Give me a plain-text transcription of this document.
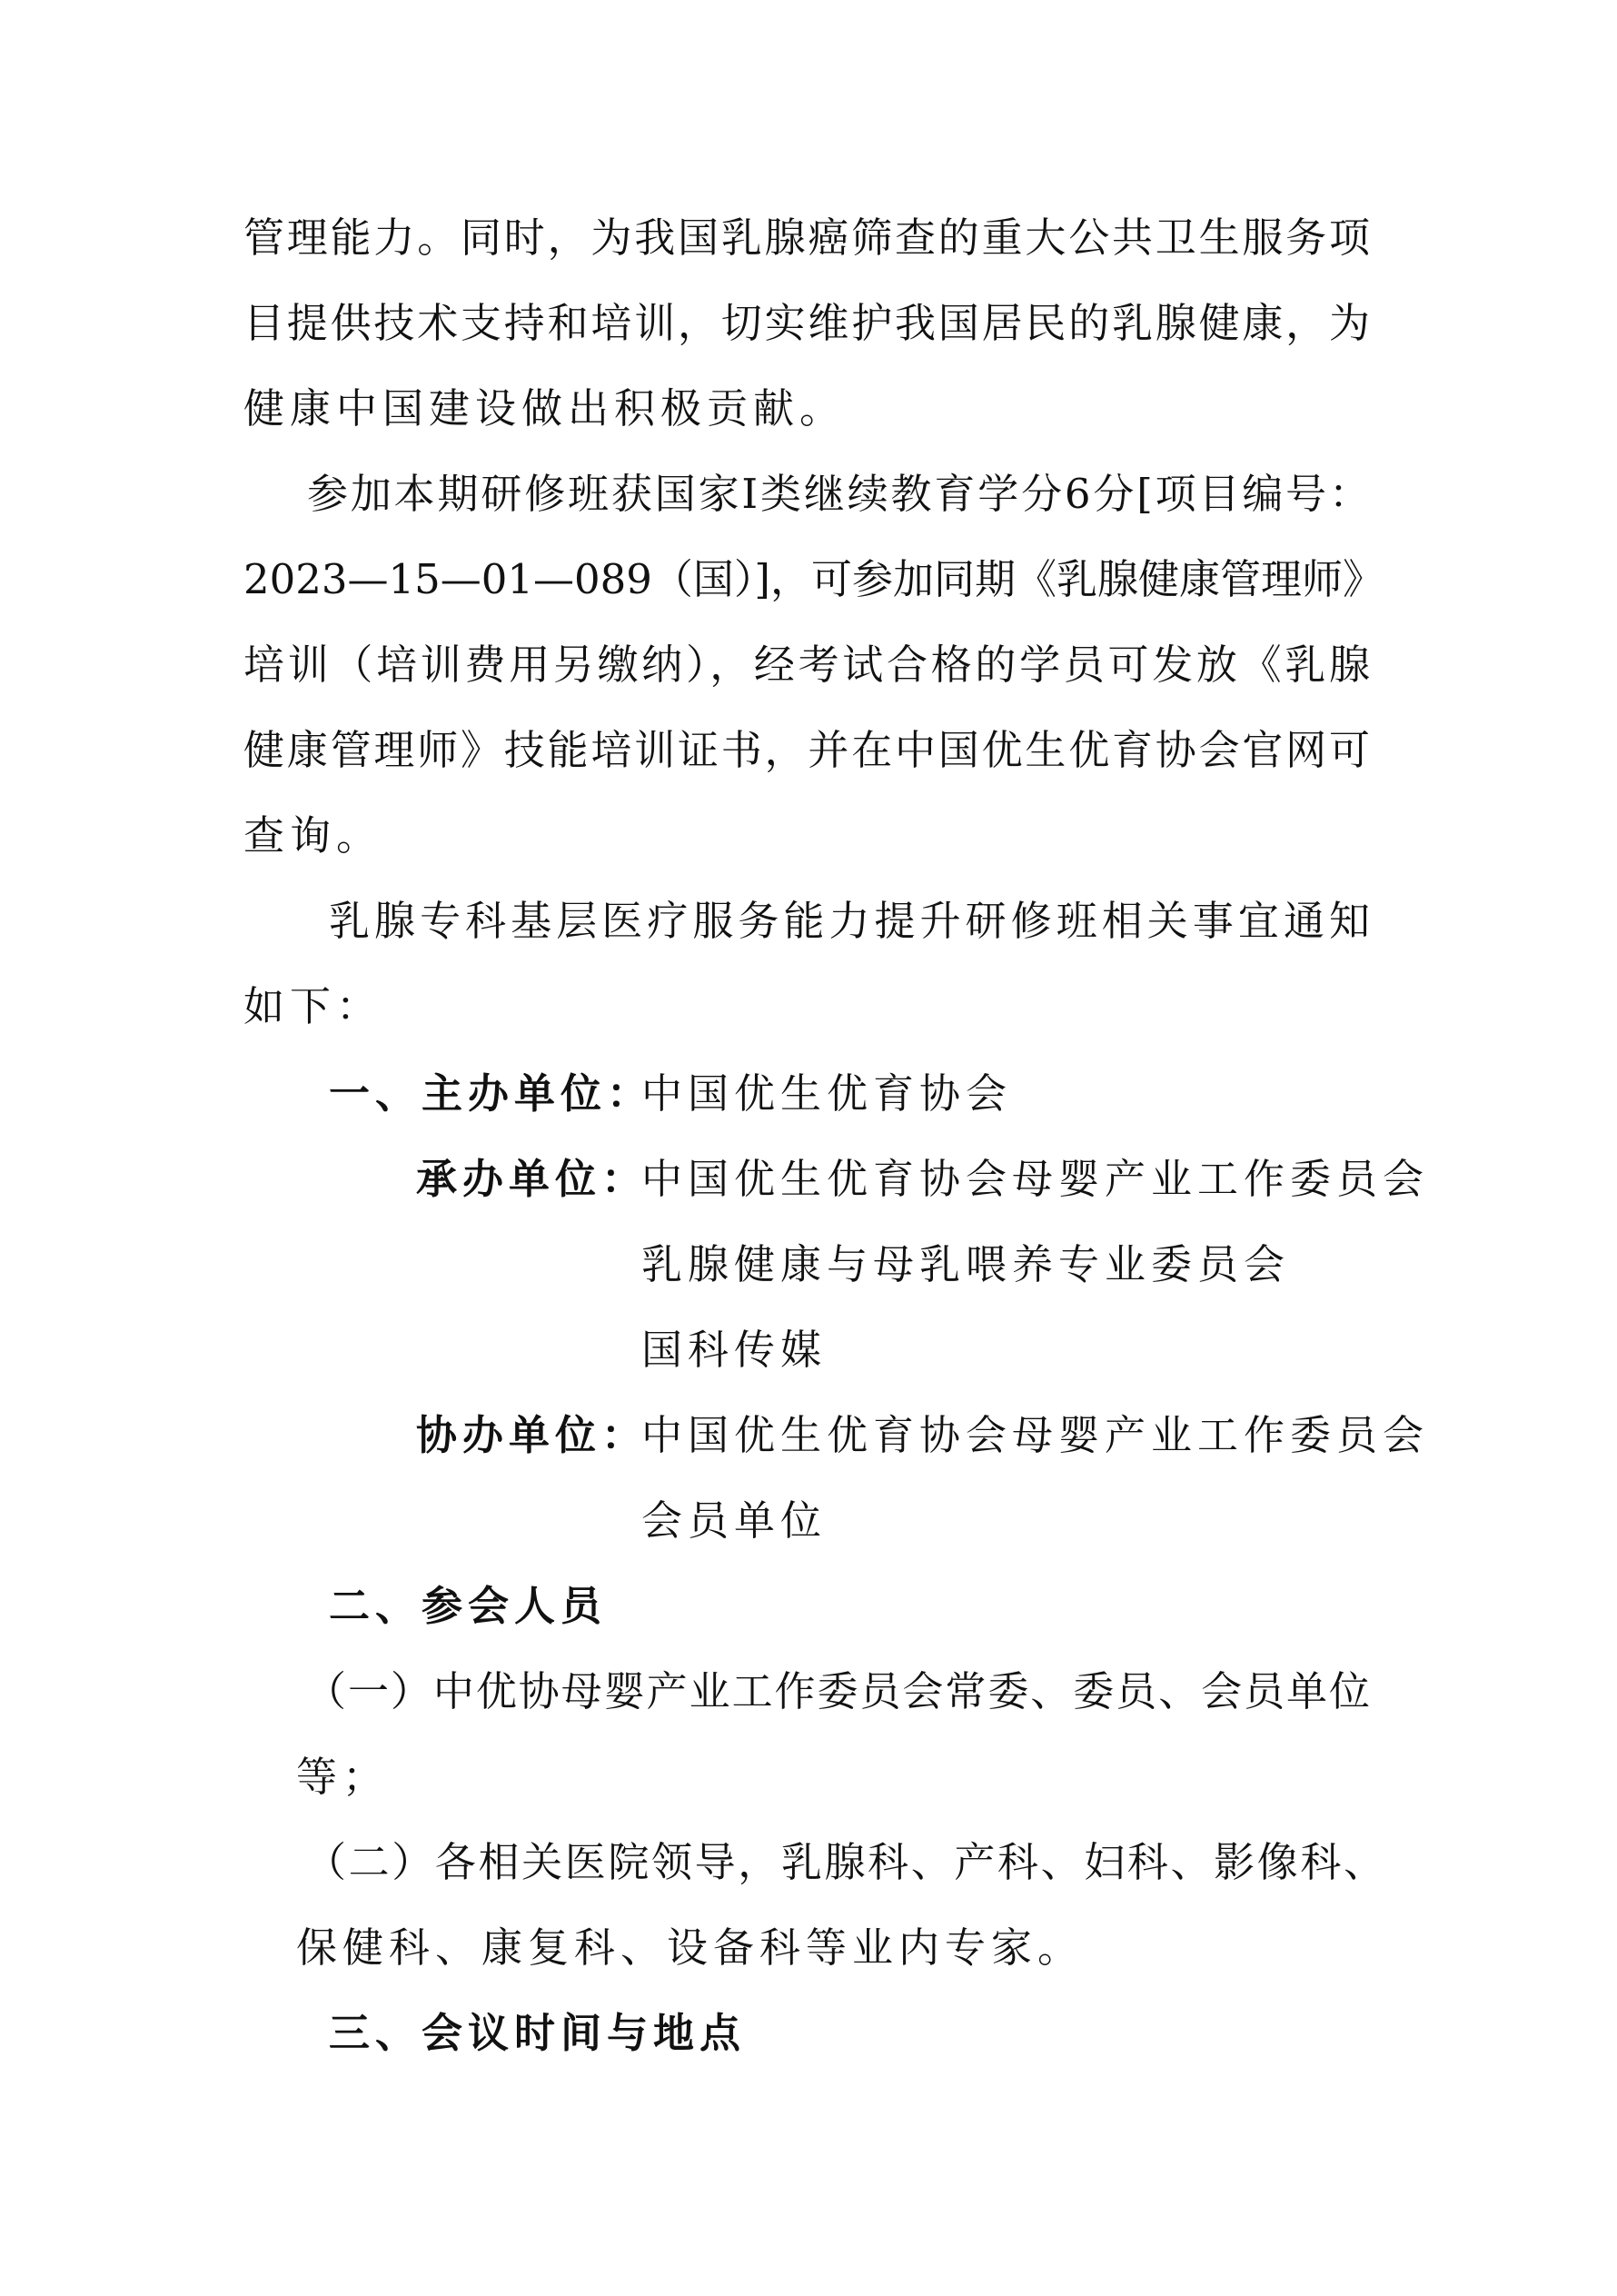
管理能力。同时，为我国乳腺癌筛查的重大公共卫生服务项
目提供技术支持和培训，切实维护我国居民的乳腺健康，为
健康中国建设做出积极贡献。
参加本期研修班获国家Ⅰ类继续教育学分6分[项目编号：
2023—15—01—089（国）]，可参加同期《乳腺健康管理师》
培训（培训费用另缴纳），经考试合格的学员可发放《乳腺
健康管理师》技能培训证书，并在中国优生优育协会官网可
查询。
乳腺专科基层医疗服务能力提升研修班相关事宜通知
如下：
一、主办单位：
中国优生优育协会
承办单位：
中国优生优育协会母婴产业工作委员会
乳腺健康与母乳喂养专业委员会
国科传媒
协办单位：
中国优生优育协会母婴产业工作委员会
会员单位
二、参会人员
（一）中优协母婴产业工作委员会常委、委员、会员单位
等；
（二）各相关医院领导，乳腺科、产科、妇科、影像科、
保健科、康复科、设备科等业内专家。
三、会议时间与地点
